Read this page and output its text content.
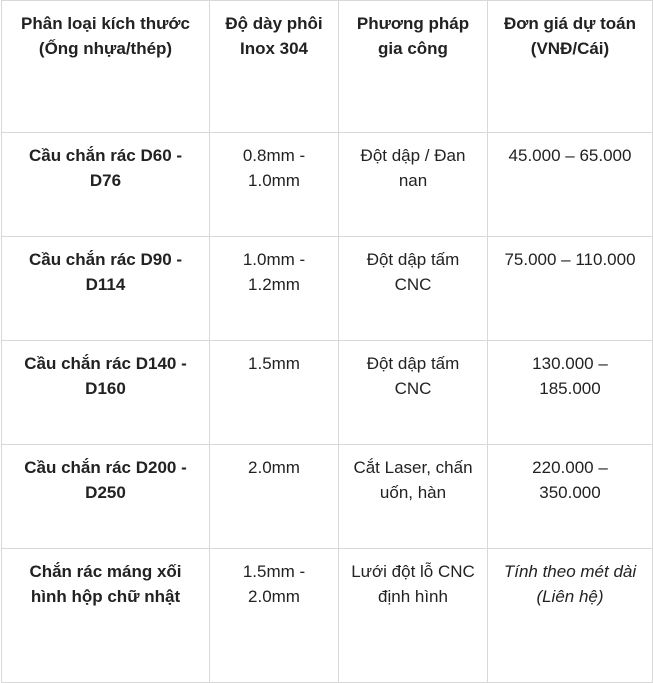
Phân loại kích thước (Ống nhựa/thép)	Độ dày phôi Inox 304	Phương pháp gia công	Đơn giá dự toán (VNĐ/Cái)
Cầu chắn rác D60 - D76	0.8mm - 1.0mm	Đột dập / Đan nan	45.000 – 65.000
Cầu chắn rác D90 - D114	1.0mm - 1.2mm	Đột dập tấm CNC	75.000 – 110.000
Cầu chắn rác D140 - D160	1.5mm	Đột dập tấm CNC	130.000 – 185.000
Cầu chắn rác D200 - D250	2.0mm	Cắt Laser, chấn uốn, hàn	220.000 – 350.000
Chắn rác máng xối hình hộp chữ nhật	1.5mm - 2.0mm	Lưới đột lỗ CNC định hình	Tính theo mét dài (Liên hệ)
